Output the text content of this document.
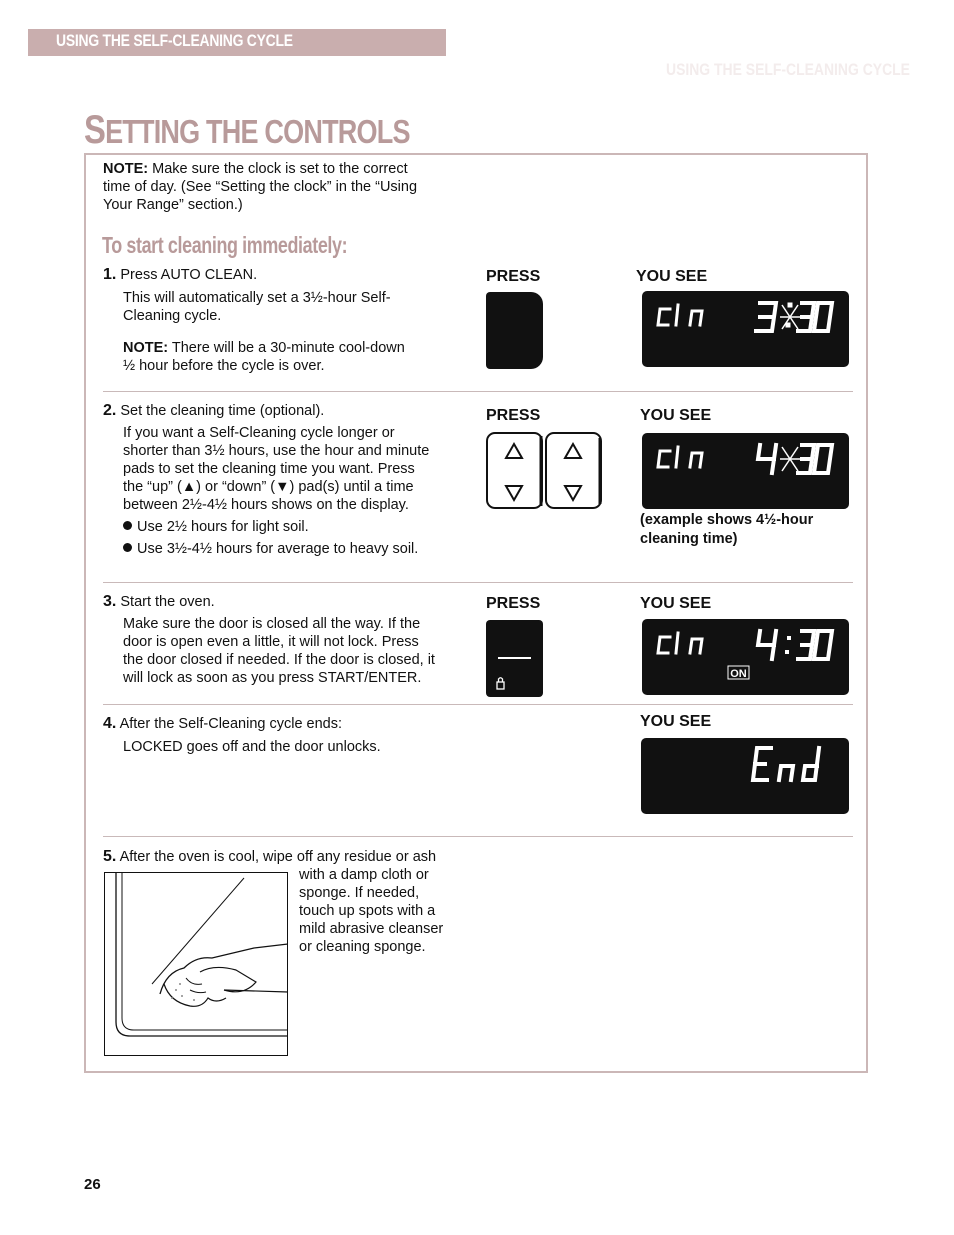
USING THE SELF-CLEANING CYCLE
USING THE SELF-CLEANING CYCLE
SETTING THE CONTROLS
NOTE: Make sure the clock is set to the correct
time of day. (See “Setting the clock” in the “Using
Your Range” section.)
To start cleaning immediately:
1. Press AUTO CLEAN.
This will automatically set a 3½-hour Self-
Cleaning cycle.
NOTE: There will be a 30-minute cool-down
½ hour before the cycle is over.
PRESS	YOU SEE
2. Set the cleaning time (optional).
If you want a Self-Cleaning cycle longer or
shorter than 3½ hours, use the hour and minute
pads to set the cleaning time you want. Press
the “up” (▲) or “down” (▼) pad(s) until a time
between 2½-4½ hours shows on the display.
Use 2½ hours for light soil.
Use 3½-4½ hours for average to heavy soil.
PRESS	YOU SEE
(example shows 4½-hour
cleaning time)
3. Start the oven.
Make sure the door is closed all the way. If the
door is open even a little, it will not lock. Press
the door closed if needed. If the door is closed, it
will lock as soon as you press START/ENTER.
PRESS	YOU SEE
ON
4. After the Self-Cleaning cycle ends:
LOCKED goes off and the door unlocks.
YOU SEE
5. After the oven is cool, wipe off any residue or ash
with a damp cloth or
sponge. If needed,
touch up spots with a
mild abrasive cleanser
or cleaning sponge.
26
